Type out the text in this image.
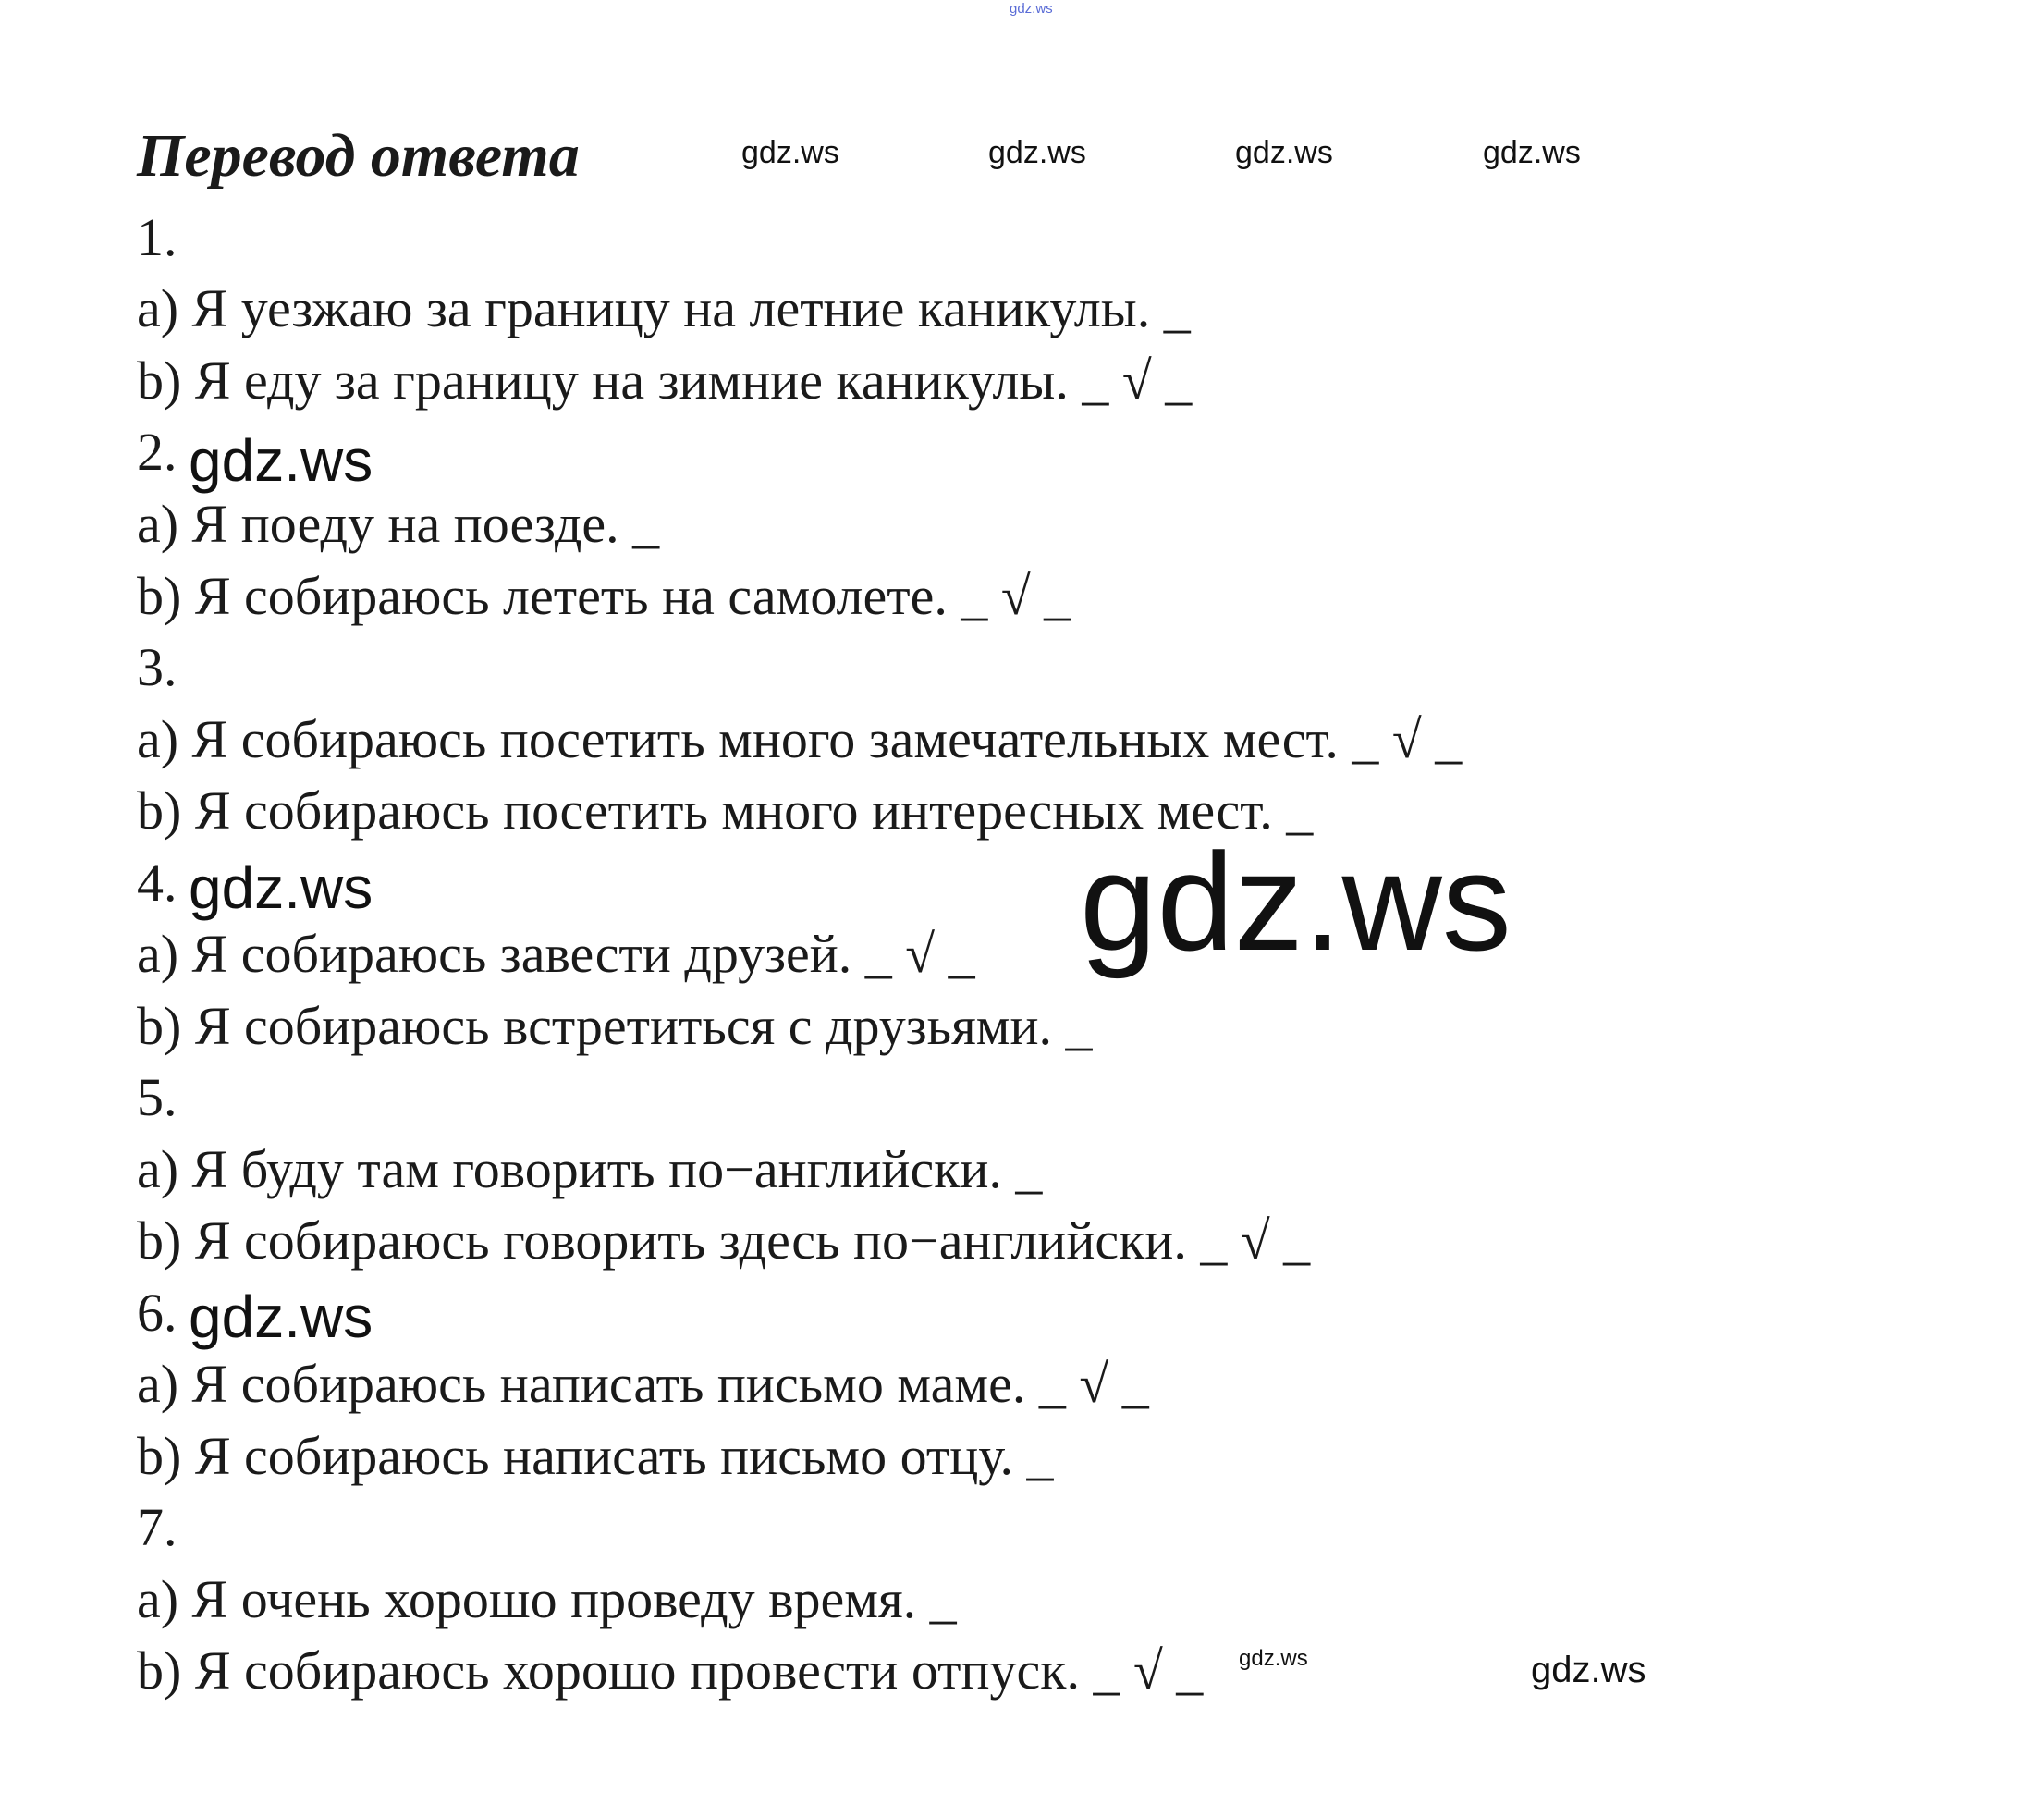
gdz.ws
gdz.ws	gdz.ws	gdz.ws	gdz.ws
Перевод ответа
1.
a) Я уезжаю за границу на летние каникулы. _
b) Я еду за границу на зимние каникулы. _ √ _
2. gdz.ws
a) Я поеду на поезде. _
b) Я собираюсь лететь на самолете. _ √ _
3.
a) Я собираюсь посетить много замечательных мест. _ √ _
b) Я собираюсь посетить много интересных мест. _
4. gdz.ws
a) Я собираюсь завести друзей. _ √ _
b) Я собираюсь встретиться с друзьями. _
5.
a) Я буду там говорить по−английски. _
b) Я собираюсь говорить здесь по−английски. _ √ _
6. gdz.ws
a) Я собираюсь написать письмо маме. _ √ _
b) Я собираюсь написать письмо отцу. _
7.
a) Я очень хорошо проведу время. _
b) Я собираюсь хорошо провести отпуск. _ √ _
gdz.ws
gdz.ws	gdz.ws
